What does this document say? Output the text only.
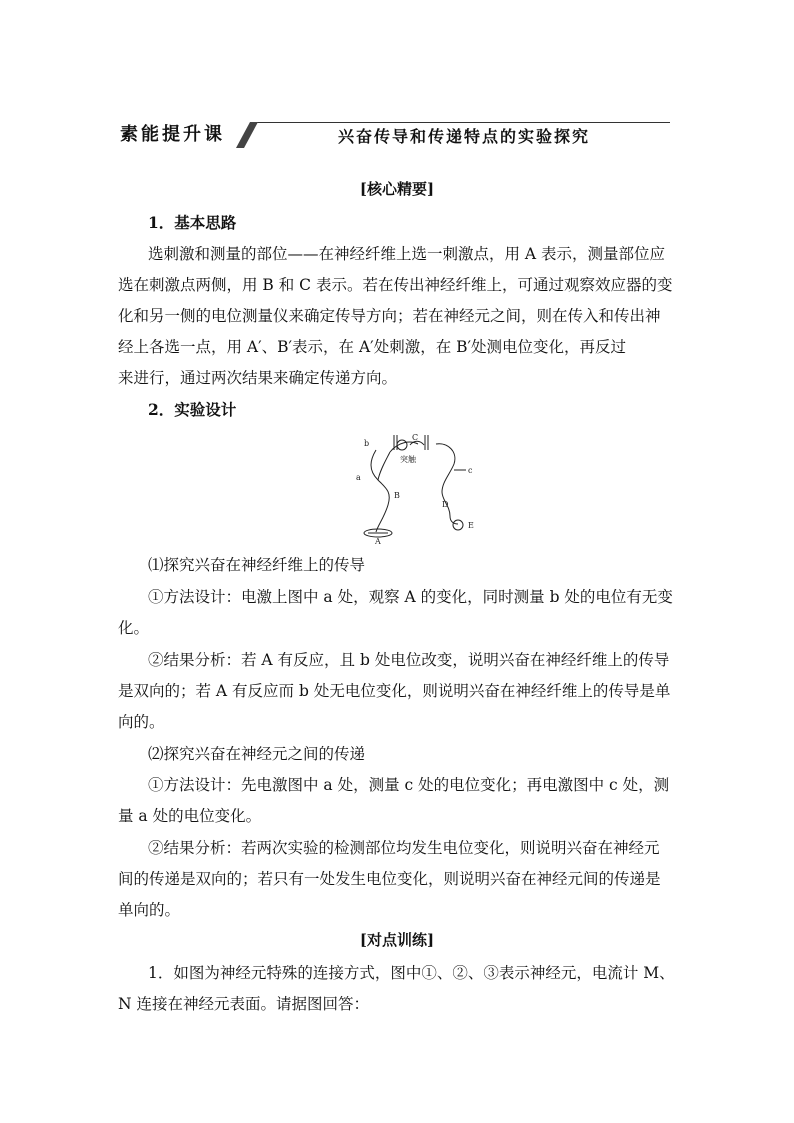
素能提升课	兴奋传导和传递特点的实验探究
[核心精要]
1．基本思路
选刺激和测量的部位——在神经纤维上选一刺激点，用 A 表示，测量部位应
选在刺激点两侧，用 B 和 C 表示。若在传出神经纤维上，可通过观察效应器的变
化和另一侧的电位测量仪来确定传导方向；若在神经元之间，则在传入和传出神
经上各选一点，用 A′、B′表示，在 A′处刺激，在 B′处测电位变化，再反过
来进行，通过两次结果来确定传递方向。
2．实验设计
b
C
突触
c
a
B
D
E
A
⑴探究兴奋在神经纤维上的传导
①方法设计：电激上图中 a 处，观察 A 的变化，同时测量 b 处的电位有无变
化。
②结果分析：若 A 有反应，且 b 处电位改变，说明兴奋在神经纤维上的传导
是双向的；若 A 有反应而 b 处无电位变化，则说明兴奋在神经纤维上的传导是单
向的。
⑵探究兴奋在神经元之间的传递
①方法设计：先电激图中 a 处，测量 c 处的电位变化；再电激图中 c 处，测
量 a 处的电位变化。
②结果分析：若两次实验的检测部位均发生电位变化，则说明兴奋在神经元
间的传递是双向的；若只有一处发生电位变化，则说明兴奋在神经元间的传递是
单向的。
[对点训练]
1．如图为神经元特殊的连接方式，图中①、②、③表示神经元，电流计 M、
N 连接在神经元表面。请据图回答：
